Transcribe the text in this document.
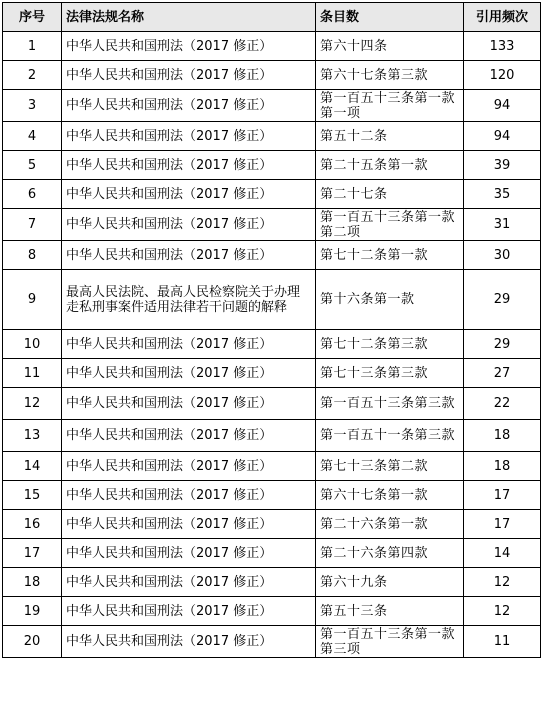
序号	法律法规名称	条目数	引用频次
1	中华人民共和国刑法（2017 修正）	第六十四条	133
2	中华人民共和国刑法（2017 修正）	第六十七条第三款	120
3	中华人民共和国刑法（2017 修正）	第一百五十三条第一款第一项	94
4	中华人民共和国刑法（2017 修正）	第五十二条	94
5	中华人民共和国刑法（2017 修正）	第二十五条第一款	39
6	中华人民共和国刑法（2017 修正）	第二十七条	35
7	中华人民共和国刑法（2017 修正）	第一百五十三条第一款第二项	31
8	中华人民共和国刑法（2017 修正）	第七十二条第一款	30
9	最高人民法院、最高人民检察院关于办理走私刑事案件适用法律若干问题的解释	第十六条第一款	29
10	中华人民共和国刑法（2017 修正）	第七十二条第三款	29
11	中华人民共和国刑法（2017 修正）	第七十三条第三款	27
12	中华人民共和国刑法（2017 修正）	第一百五十三条第三款	22
13	中华人民共和国刑法（2017 修正）	第一百五十一条第三款	18
14	中华人民共和国刑法（2017 修正）	第七十三条第二款	18
15	中华人民共和国刑法（2017 修正）	第六十七条第一款	17
16	中华人民共和国刑法（2017 修正）	第二十六条第一款	17
17	中华人民共和国刑法（2017 修正）	第二十六条第四款	14
18	中华人民共和国刑法（2017 修正）	第六十九条	12
19	中华人民共和国刑法（2017 修正）	第五十三条	12
20	中华人民共和国刑法（2017 修正）	第一百五十三条第一款第三项	11
